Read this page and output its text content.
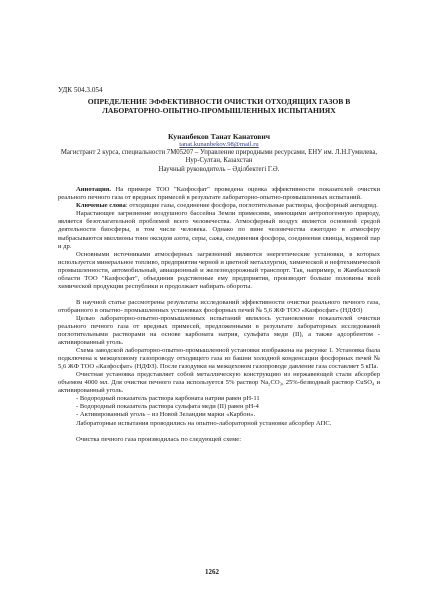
УДК 504.3.054
ОПРЕДЕЛЕНИЕ ЭФФЕКТИВНОСТИ ОЧИСТКИ ОТХОДЯЩИХ ГАЗОВ В ЛАБОРАТОРНО-ОПЫТНО-ПРОМЫШЛЕННЫХ ИСПЫТАНИЯХ
Кунанбеков Танат Канатович
tanat.kunanbekov.98@mail.ru
Магистрант 2 курса, специальности 7М05207 – Управление природными ресурсами, ЕНУ им. Л.Н.Гумилева, Нур-Султан, Казахстан
Научный руководитель – Әділбектегі Г.Ә.

Аннотация. На примере ТОО "Казфосфат" проведена оценка эффективности показателей очистки реального печного газа от вредных примесей в результате лабораторно-опытно-промышленных испытаний.

Ключевые слова: отходящие газы, соединение фосфора, поглотительные растворы, фосфорный ангидрид.

Нарастающее загрязнение воздушного бассейна Земли примесями, имеющими антропогенную природу, является безотлагательной проблемой всего человечества. Атмосферный воздух является основной средой деятельности биосферы, в том числе человека. Однако по вине человечества ежегодно в атмосферу выбрасываются миллионы тонн оксидов азота, серы, сажа, соединения фосфора, соединения свинца, водяной пар и др.

Основными источниками атмосферных загрязнений являются энергетические установки, в которых используется минеральное топливо, предприятия черной и цветной металлургии, химической и нефтехимической промышленности, автомобильный, авиационный и железнодорожный транспорт. Так, например, в Жамбылской области ТОО "Казфосфат", объединив родственные ему предприятия, производит больше половины всей химической продукции республики и продолжает набирать обороты.

В научной статье рассмотрены результаты исследований эффективности очистки реального печного газа, отобранного в опытно- промышленных установках фосфорных печей № 5,6 ЖФ ТОО «Казфосфат» (НДФЗ)

Целью лабораторно-опытно-промышленных испытаний являлось установление показателей очистки реального печного газа от вредных примесей, предложенными в результате лабораторных исследований поглотительными растворами на основе карбоната натрия, сульфата меди (II), а также адсорбентом - активированный уголь.

Схема заводской лабораторно-опытно-промышленной установки изображена на рисунке 1. Установка была подключена к межцеховому газопроводу отходящего газа из башни холодной конденсации фосфорных печей № 5,6 ЖФ ТОО «Казфосфат» (НДФЗ). После газодувки на межцеховом газопроводе давление газа составляет 5 кПа.

Очистная установка представляет собой металлическую конструкцию из нержавеющей стали абсорбер объемом 4000 мл. Для очистки печного газа используется 5% раствор Na₂CO₃, 25%-безводный раствор CuSO₄ и активированный уголь.

- Водородный показатель раствора карбоната натрия равен pH-11
- Водородный показатель раствора сульфата меди (II) равен pH-4
- Активированный уголь – из Новой Зеландии марки «Карбон».

Лабораторные испытания проводились на опытно-лабораторной установке абсорбер АПС.

Очистка печного газа производилась по следующей схеме:

1262
